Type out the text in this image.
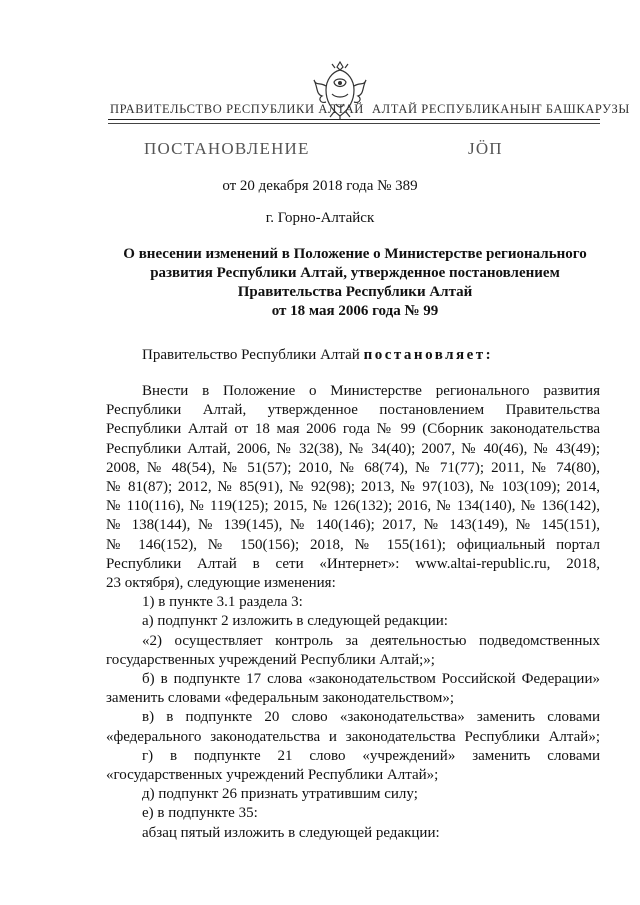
ПРАВИТЕЛЬСТВО РЕСПУБЛИКИ АЛТАЙ АЛТАЙ РЕСПУБЛИКАНЫҤ БАШКАРУЗЫ
ПОСТАНОВЛЕНИЕ	ЈӦП
от 20 декабря 2018 года № 389
г. Горно-Алтайск
О внесении изменений в Положение о Министерстве регионального
развития Республики Алтай, утвержденное постановлением
Правительства Республики Алтай
от 18 мая 2006 года № 99
Правительство Республики Алтай постановляет:
Внести в Положение о Министерстве регионального развития
Республики Алтай, утвержденное постановлением Правительства
Республики Алтай от 18 мая 2006 года № 99 (Сборник законодательства
Республики Алтай, 2006, № 32(38), № 34(40); 2007, № 40(46), № 43(49);
2008, № 48(54), № 51(57); 2010, № 68(74), № 71(77); 2011, № 74(80),
№ 81(87); 2012, № 85(91), № 92(98); 2013, № 97(103), № 103(109); 2014,
№ 110(116), № 119(125); 2015, № 126(132); 2016, № 134(140), № 136(142),
№ 138(144), № 139(145), № 140(146); 2017, № 143(149), № 145(151),
№ 146(152), № 150(156); 2018, № 155(161); официальный портал
Республики Алтай в сети «Интернет»: www.altai-republic.ru, 2018,
23 октября), следующие изменения:
1) в пункте 3.1 раздела 3:
а) подпункт 2 изложить в следующей редакции:
«2) осуществляет контроль за деятельностью подведомственных
государственных учреждений Республики Алтай;»;
б) в подпункте 17 слова «законодательством Российской Федерации»
заменить словами «федеральным законодательством»;
в) в подпункте 20 слово «законодательства» заменить словами
«федерального законодательства и законодательства Республики Алтай»;
г) в подпункте 21 слово «учреждений» заменить словами
«государственных учреждений Республики Алтай»;
д) подпункт 26 признать утратившим силу;
е) в подпункте 35:
абзац пятый изложить в следующей редакции:
